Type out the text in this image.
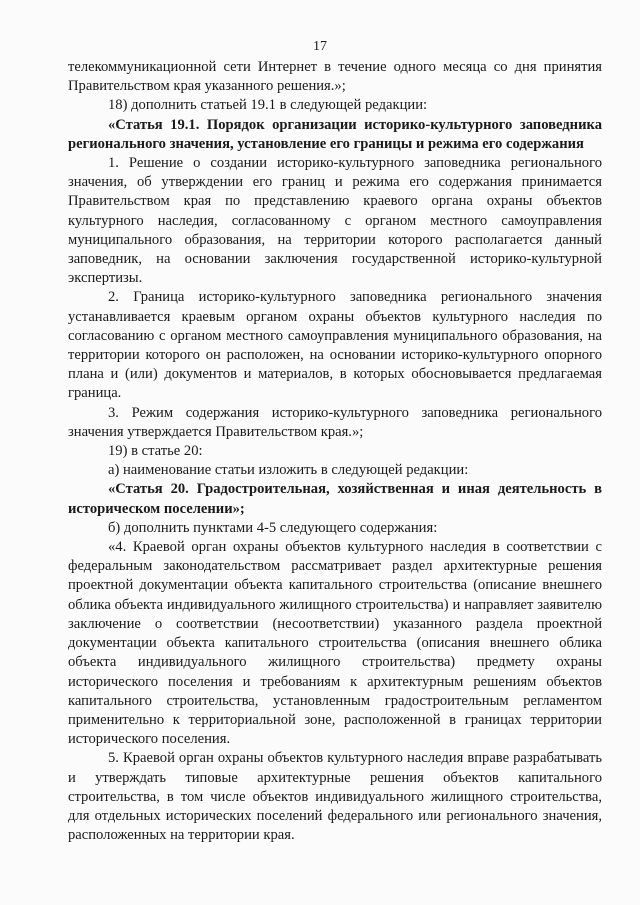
17

телекоммуникационной сети Интернет в течение одного месяца со дня принятия Правительством края указанного решения.»;

18) дополнить статьей 19.1 в следующей редакции:

«Статья 19.1. Порядок организации историко-культурного заповедника регионального значения, установление его границы и режима его содержания

1. Решение о создании историко-культурного заповедника регионального значения, об утверждении его границ и режима его содержания принимается Правительством края по представлению краевого органа охраны объектов культурного наследия, согласованному с органом местного самоуправления муниципального образования, на территории которого располагается данный заповедник, на основании заключения государственной историко-культурной экспертизы.

2. Граница историко-культурного заповедника регионального значения устанавливается краевым органом охраны объектов культурного наследия по согласованию с органом местного самоуправления муниципального образования, на территории которого он расположен, на основании историко-культурного опорного плана и (или) документов и материалов, в которых обосновывается предлагаемая граница.

3. Режим содержания историко-культурного заповедника регионального значения утверждается Правительством края.»;

19) в статье 20:

а) наименование статьи изложить в следующей редакции:

«Статья 20. Градостроительная, хозяйственная и иная деятельность в историческом поселении»;

б) дополнить пунктами 4-5 следующего содержания:

«4. Краевой орган охраны объектов культурного наследия в соответствии с федеральным законодательством рассматривает раздел архитектурные решения проектной документации объекта капитального строительства (описание внешнего облика объекта индивидуального жилищного строительства) и направляет заявителю заключение о соответствии (несоответствии) указанного раздела проектной документации объекта капитального строительства (описания внешнего облика объекта индивидуального жилищного строительства) предмету охраны исторического поселения и требованиям к архитектурным решениям объектов капитального строительства, установленным градостроительным регламентом применительно к территориальной зоне, расположенной в границах территории исторического поселения.

5. Краевой орган охраны объектов культурного наследия вправе разрабатывать и утверждать типовые архитектурные решения объектов капитального строительства, в том числе объектов индивидуального жилищного строительства, для отдельных исторических поселений федерального или регионального значения, расположенных на территории края.
